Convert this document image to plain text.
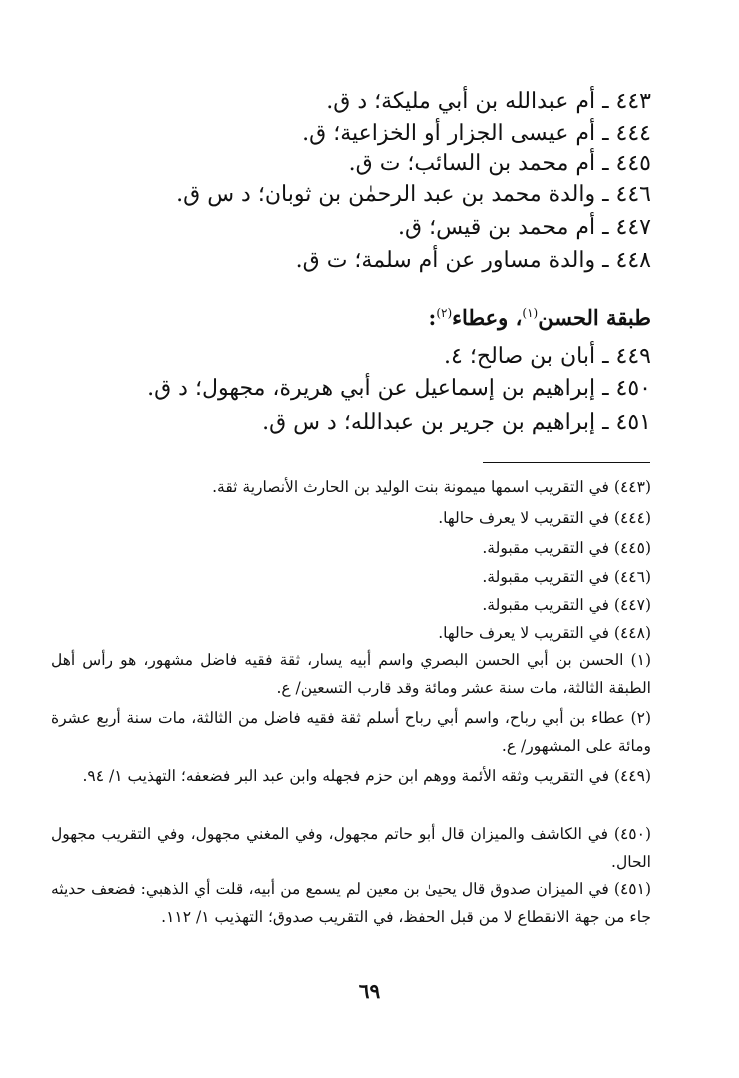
٤٤٣ ـ أم عبدالله بن أبي مليكة؛ د ق.
٤٤٤ ـ أم عيسى الجزار أو الخزاعية؛ ق.
٤٤٥ ـ أم محمد بن السائب؛ ت ق.
٤٤٦ ـ والدة محمد بن عبد الرحمٰن بن ثوبان؛ د س ق.
٤٤٧ ـ أم محمد بن قيس؛ ق.
٤٤٨ ـ والدة مساور عن أم سلمة؛ ت ق.
طبقة الحسن$^{(١)}$، وعطاء$^{(٢)}$:
٤٤٩ ـ أبان بن صالح؛ ٤.
٤٥٠ ـ إبراهيم بن إسماعيل عن أبي هريرة، مجهول؛ د ق.
٤٥١ ـ إبراهيم بن جرير بن عبدالله؛ د س ق.
(٤٤٣) في التقريب اسمها ميمونة بنت الوليد بن الحارث الأنصارية ثقة.
(٤٤٤) في التقريب لا يعرف حالها.
(٤٤٥) في التقريب مقبولة.
(٤٤٦) في التقريب مقبولة.
(٤٤٧) في التقريب مقبولة.
(٤٤٨) في التقريب لا يعرف حالها.
(١) الحسن بن أبي الحسن البصري واسم أبيه يسار، ثقة فقيه فاضل مشهور، هو رأس أهل الطبقة الثالثة، مات سنة عشر ومائة وقد قارب التسعين/ ع.
(٢) عطاء بن أبي رباح، واسم أبي رباح أسلم ثقة فقيه فاضل من الثالثة، مات سنة أربع عشرة ومائة على المشهور/ ع.
(٤٤٩) في التقريب وثقه الأئمة ووهم ابن حزم فجهله وابن عبد البر فضعفه؛ التهذيب ١/ ٩٤.
(٤٥٠) في الكاشف والميزان قال أبو حاتم مجهول، وفي المغني مجهول، وفي التقريب مجهول الحال.
(٤٥١) في الميزان صدوق قال يحيىٰ بن معين لم يسمع من أبيه، قلت أي الذهبي: فضعف حديثه جاء من جهة الانقطاع لا من قبل الحفظ، في التقريب صدوق؛ التهذيب ١/ ١١٢.
٦٩
